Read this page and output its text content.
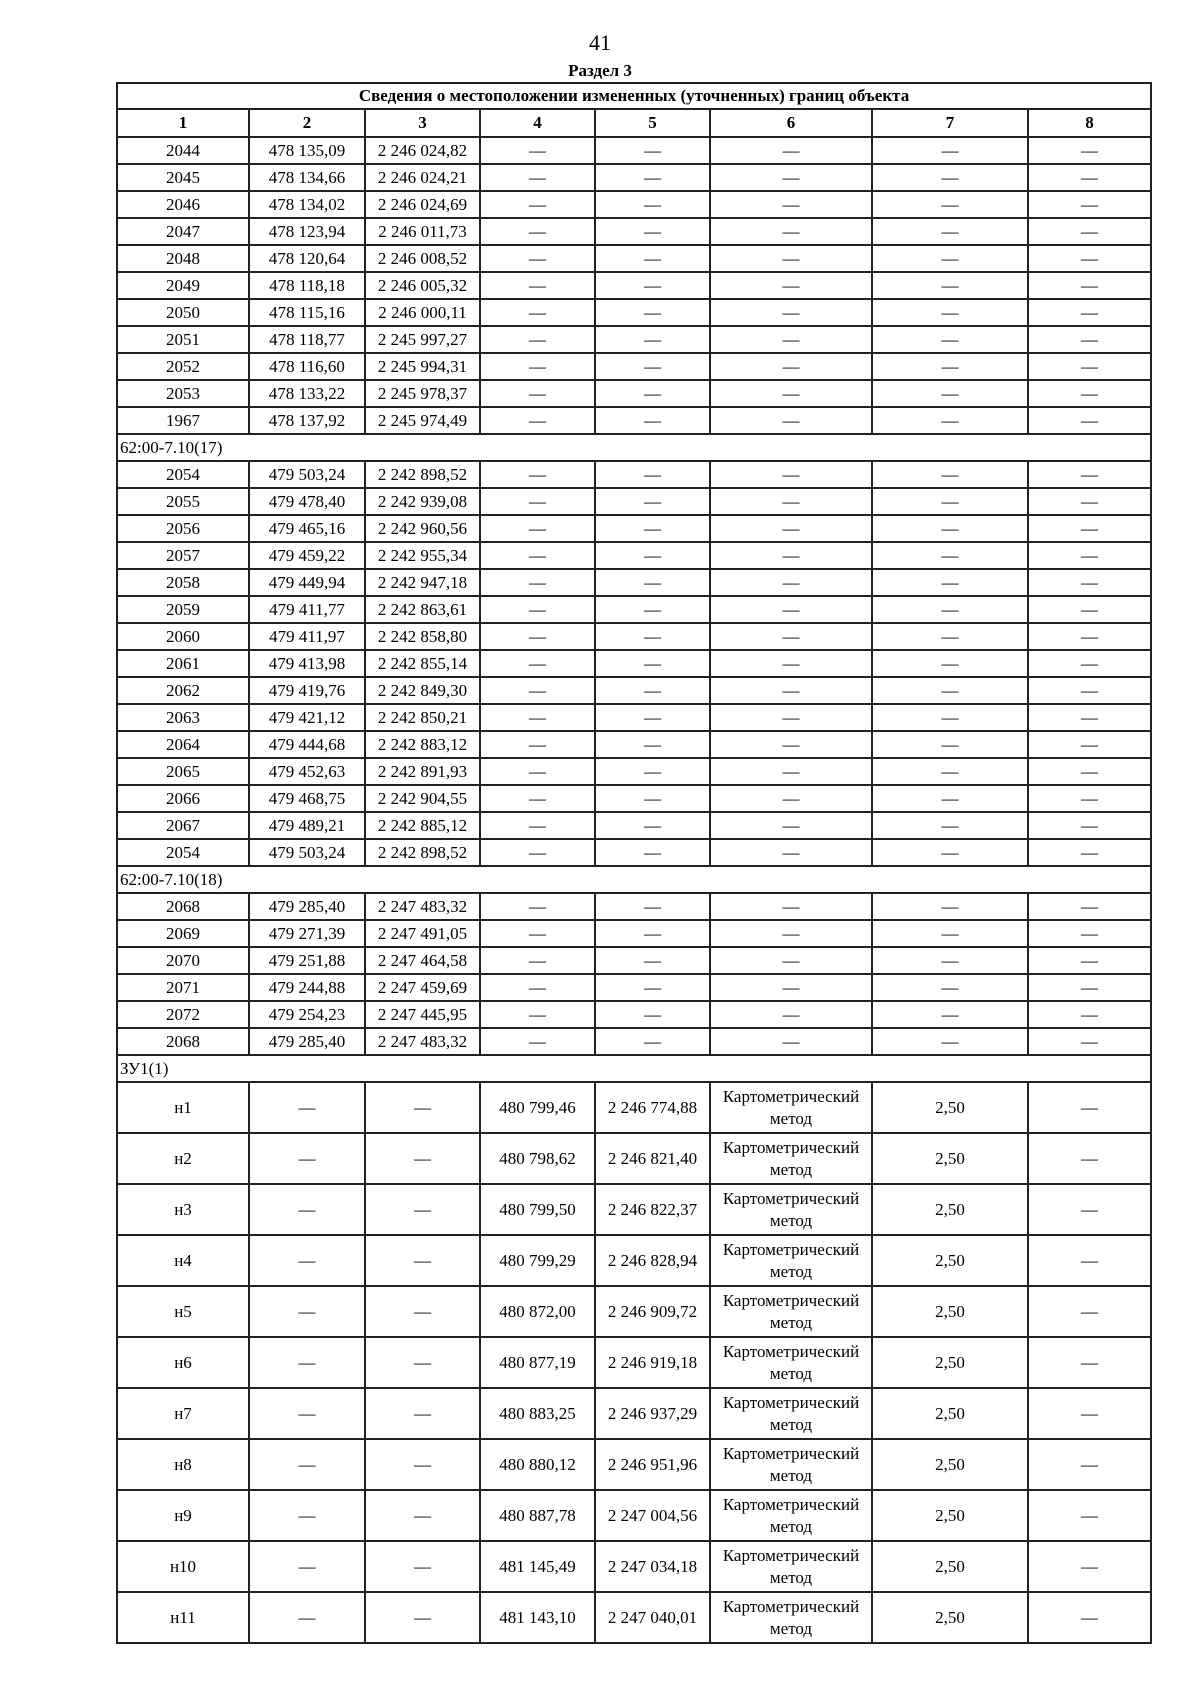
41
Раздел 3
Сведения о местоположении измененных (уточненных) границ объекта							
1	2	3	4	5	6	7	8
2044	478 135,09	2 246 024,82	—	—	—	—	—
2045	478 134,66	2 246 024,21	—	—	—	—	—
2046	478 134,02	2 246 024,69	—	—	—	—	—
2047	478 123,94	2 246 011,73	—	—	—	—	—
2048	478 120,64	2 246 008,52	—	—	—	—	—
2049	478 118,18	2 246 005,32	—	—	—	—	—
2050	478 115,16	2 246 000,11	—	—	—	—	—
2051	478 118,77	2 245 997,27	—	—	—	—	—
2052	478 116,60	2 245 994,31	—	—	—	—	—
2053	478 133,22	2 245 978,37	—	—	—	—	—
1967	478 137,92	2 245 974,49	—	—	—	—	—
62:00-7.10(17)							
2054	479 503,24	2 242 898,52	—	—	—	—	—
2055	479 478,40	2 242 939,08	—	—	—	—	—
2056	479 465,16	2 242 960,56	—	—	—	—	—
2057	479 459,22	2 242 955,34	—	—	—	—	—
2058	479 449,94	2 242 947,18	—	—	—	—	—
2059	479 411,77	2 242 863,61	—	—	—	—	—
2060	479 411,97	2 242 858,80	—	—	—	—	—
2061	479 413,98	2 242 855,14	—	—	—	—	—
2062	479 419,76	2 242 849,30	—	—	—	—	—
2063	479 421,12	2 242 850,21	—	—	—	—	—
2064	479 444,68	2 242 883,12	—	—	—	—	—
2065	479 452,63	2 242 891,93	—	—	—	—	—
2066	479 468,75	2 242 904,55	—	—	—	—	—
2067	479 489,21	2 242 885,12	—	—	—	—	—
2054	479 503,24	2 242 898,52	—	—	—	—	—
62:00-7.10(18)							
2068	479 285,40	2 247 483,32	—	—	—	—	—
2069	479 271,39	2 247 491,05	—	—	—	—	—
2070	479 251,88	2 247 464,58	—	—	—	—	—
2071	479 244,88	2 247 459,69	—	—	—	—	—
2072	479 254,23	2 247 445,95	—	—	—	—	—
2068	479 285,40	2 247 483,32	—	—	—	—	—
ЗУ1(1)							
н1	—	—	480 799,46	2 246 774,88	Картометрический метод	2,50	—
н2	—	—	480 798,62	2 246 821,40	Картометрический метод	2,50	—
н3	—	—	480 799,50	2 246 822,37	Картометрический метод	2,50	—
н4	—	—	480 799,29	2 246 828,94	Картометрический метод	2,50	—
н5	—	—	480 872,00	2 246 909,72	Картометрический метод	2,50	—
н6	—	—	480 877,19	2 246 919,18	Картометрический метод	2,50	—
н7	—	—	480 883,25	2 246 937,29	Картометрический метод	2,50	—
н8	—	—	480 880,12	2 246 951,96	Картометрический метод	2,50	—
н9	—	—	480 887,78	2 247 004,56	Картометрический метод	2,50	—
н10	—	—	481 145,49	2 247 034,18	Картометрический метод	2,50	—
н11	—	—	481 143,10	2 247 040,01	Картометрический метод	2,50	—
